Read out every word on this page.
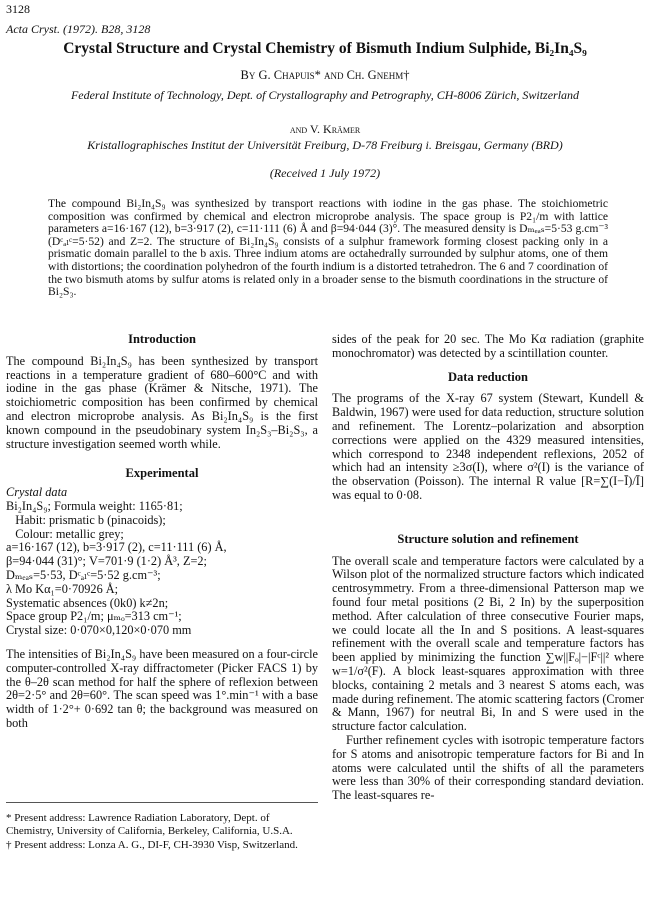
3128
Acta Cryst. (1972). B28, 3128
Crystal Structure and Crystal Chemistry of Bismuth Indium Sulphide, Bi₂In₄S₉
By G. Chapuis* and Ch. Gnehm†
Federal Institute of Technology, Dept. of Crystallography and Petrography, CH-8006 Zürich, Switzerland
and V. Krämer
Kristallographisches Institut der Universität Freiburg, D-78 Freiburg i. Breisgau, Germany (BRD)
(Received 1 July 1972)
The compound Bi₂In₄S₉ was synthesized by transport reactions with iodine in the gas phase. The stoichiometric composition was confirmed by chemical and electron microprobe analysis. The space group is P2₁/m with lattice parameters a=16·167 (12), b=3·917 (2), c=11·111 (6) Å and β=94·044 (3)°. The measured density is Dₘₑₐₛ=5·53 g.cm⁻³ (Dᶜₐₗᶜ=5·52) and Z=2. The structure of Bi₂In₄S₉ consists of a sulphur framework forming closest packing only in a prismatic domain parallel to the b axis. Three indium atoms are octahedrally surrounded by sulphur atoms, one of them with distortions; the coordination polyhedron of the fourth indium is a distorted tetrahedron. The 6 and 7 coordination of the two bismuth atoms by sulfur atoms is related only in a broader sense to the bismuth coordinations in the structure of Bi₂S₃.
Introduction
The compound Bi₂In₄S₉ has been synthesized by transport reactions in a temperature gradient of 680–600°C and with iodine in the gas phase (Krämer & Nitsche, 1971). The stoichiometric composition has been confirmed by chemical and electron microprobe analysis. As Bi₂In₄S₉ is the first known compound in the pseudobinary system In₂S₃–Bi₂S₃, a structure investigation seemed worth while.
Experimental
Crystal data
Bi₂In₄S₉; Formula weight: 1165·81;
Habit: prismatic b (pinacoids);
Colour: metallic grey;
a=16·167 (12), b=3·917 (2), c=11·111 (6) Å,
β=94·044 (31)°; V=701·9 (1·2) Å³, Z=2;
Dₘₑₐₛ=5·53, Dᶜₐₗᶜ=5·52 g.cm⁻³;
λ Mo Kα₁=0·70926 Å;
Systematic absences (0k0) k≠2n;
Space group P2₁/m; μₘₒ=313 cm⁻¹;
Crystal size: 0·070×0,120×0·070 mm
The intensities of Bi₂In₄S₉ have been measured on a four-circle computer-controlled X-ray diffractometer (Picker FACS 1) by the θ–2θ scan method for half the sphere of reflexion between 2θ=2·5° and 2θ=60°. The scan speed was 1°.min⁻¹ with a base width of 1·2°+ 0·692 tan θ; the background was measured on both
* Present address: Lawrence Radiation Laboratory, Dept. of Chemistry, University of California, Berkeley, California, U.S.A.
† Present address: Lonza A. G., DI-F, CH-3930 Visp, Switzerland.
sides of the peak for 20 sec. The Mo Kα radiation (graphite monochromator) was detected by a scintillation counter.
Data reduction
The programs of the X-ray 67 system (Stewart, Kundell & Baldwin, 1967) were used for data reduction, structure solution and refinement. The Lorentz–polarization and absorption corrections were applied on the 4329 measured intensities, which correspond to 2348 independent reflexions, 2052 of which had an intensity ≥3σ(I), where σ²(I) is the variance of the observation (Poisson). The internal R value [R=∑(I−Ī)/Ī] was equal to 0·08.
Structure solution and refinement
The overall scale and temperature factors were calculated by a Wilson plot of the normalized structure factors which indicated centrosymmetry. From a three-dimensional Patterson map we found four metal positions (2 Bi, 2 In) by the superposition method. After calculation of three consecutive Fourier maps, we could locate all the In and S positions. A least-squares refinement with the overall scale and temperature factors has been applied by minimizing the function ∑w||Fₒ|−|Fᶜ||² where w=1/σ²(F). A block least-squares approximation with three blocks, containing 2 metals and 3 nearest S atoms each, was made during refinement. The atomic scattering factors (Cromer & Mann, 1967) for neutral Bi, In and S were used in the structure factor calculation.
Further refinement cycles with isotropic temperature factors for S atoms and anisotropic temperature factors for Bi and In atoms were calculated until the shifts of all the parameters were less than 30% of their corresponding standard deviation. The least-squares re-
